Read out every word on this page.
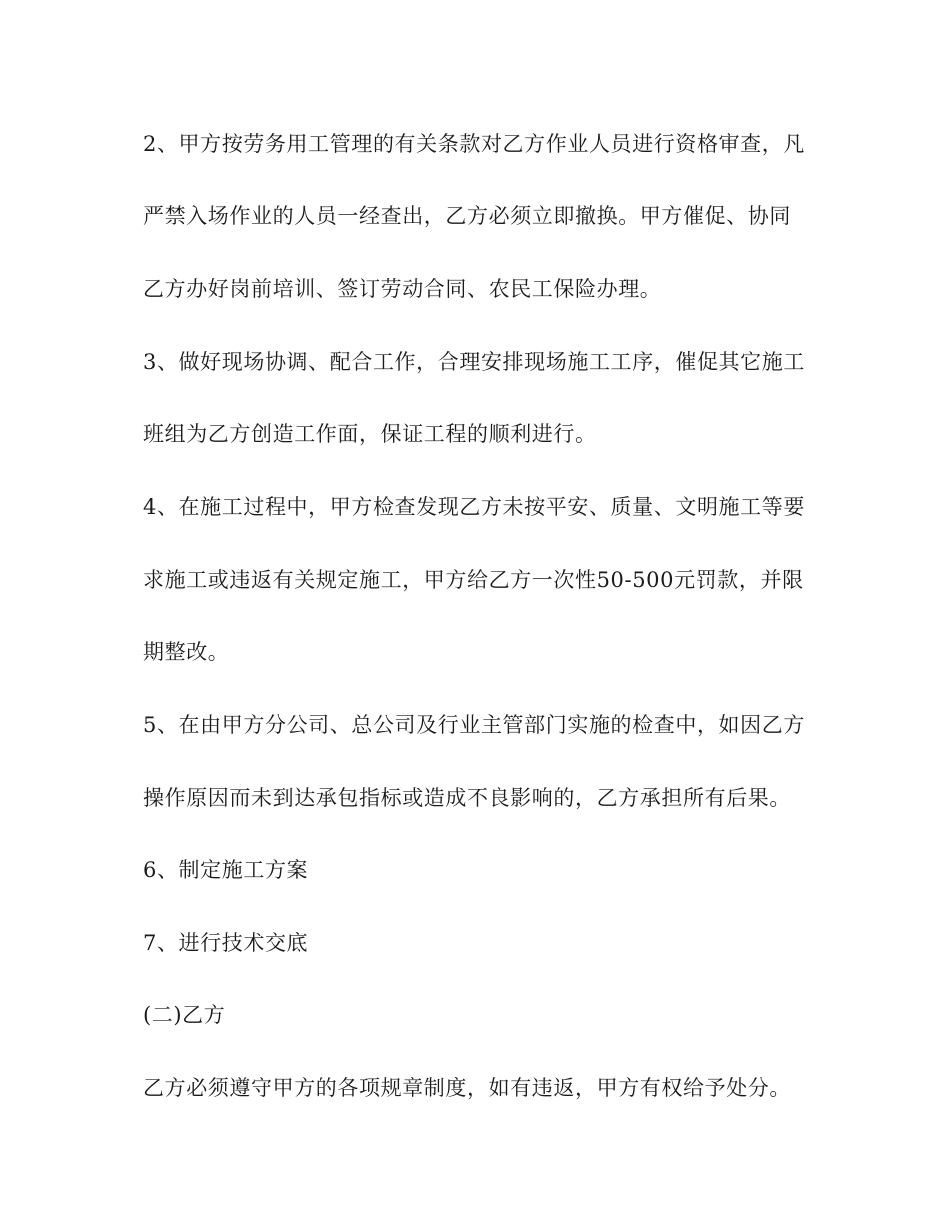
2、甲方按劳务用工管理的有关条款对乙方作业人员进行资格审查，凡
严禁入场作业的人员一经查出，乙方必须立即撤换。甲方催促、协同
乙方办好岗前培训、签订劳动合同、农民工保险办理。
3、做好现场协调、配合工作，合理安排现场施工工序，催促其它施工
班组为乙方创造工作面，保证工程的顺利进行。
4、在施工过程中，甲方检查发现乙方未按平安、质量、文明施工等要
求施工或违返有关规定施工，甲方给乙方一次性50-500元罚款，并限
期整改。
5、在由甲方分公司、总公司及行业主管部门实施的检查中，如因乙方
操作原因而未到达承包指标或造成不良影响的，乙方承担所有后果。
6、制定施工方案
7、进行技术交底
(二)乙方
乙方必须遵守甲方的各项规章制度，如有违返，甲方有权给予处分。
